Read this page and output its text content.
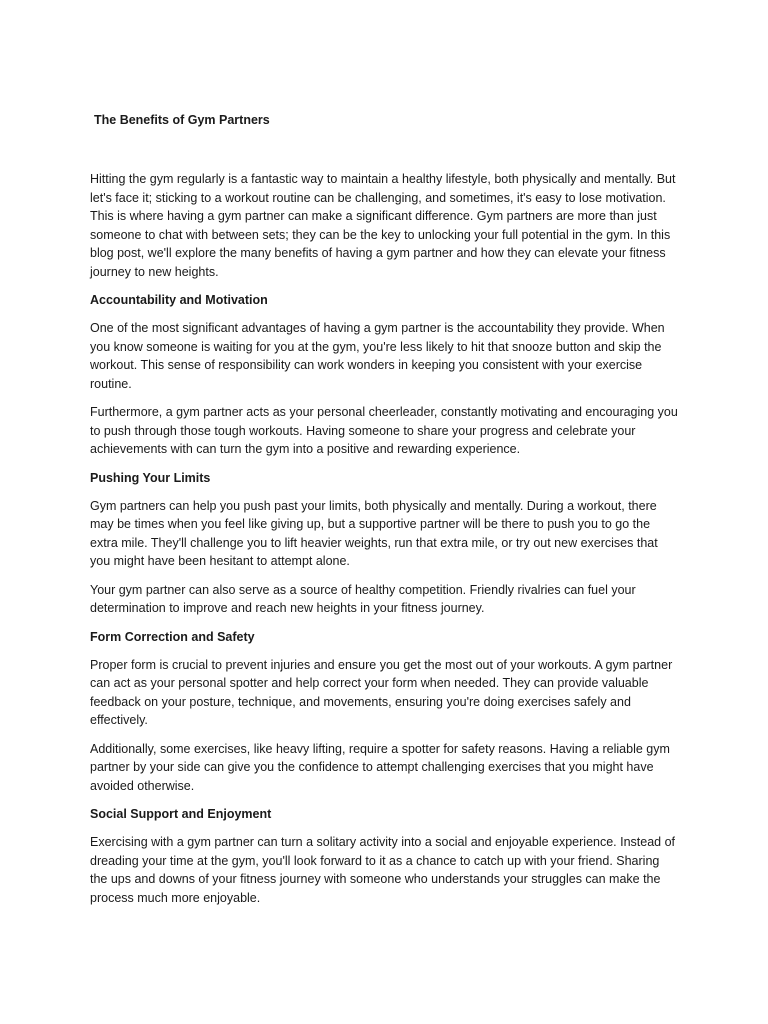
The Benefits of Gym Partners

Hitting the gym regularly is a fantastic way to maintain a healthy lifestyle, both physically and mentally. But let's face it; sticking to a workout routine can be challenging, and sometimes, it's easy to lose motivation. This is where having a gym partner can make a significant difference. Gym partners are more than just someone to chat with between sets; they can be the key to unlocking your full potential in the gym. In this blog post, we'll explore the many benefits of having a gym partner and how they can elevate your fitness journey to new heights.

Accountability and Motivation

One of the most significant advantages of having a gym partner is the accountability they provide. When you know someone is waiting for you at the gym, you're less likely to hit that snooze button and skip the workout. This sense of responsibility can work wonders in keeping you consistent with your exercise routine.

Furthermore, a gym partner acts as your personal cheerleader, constantly motivating and encouraging you to push through those tough workouts. Having someone to share your progress and celebrate your achievements with can turn the gym into a positive and rewarding experience.

Pushing Your Limits

Gym partners can help you push past your limits, both physically and mentally. During a workout, there may be times when you feel like giving up, but a supportive partner will be there to push you to go the extra mile. They'll challenge you to lift heavier weights, run that extra mile, or try out new exercises that you might have been hesitant to attempt alone.

Your gym partner can also serve as a source of healthy competition. Friendly rivalries can fuel your determination to improve and reach new heights in your fitness journey.

Form Correction and Safety

Proper form is crucial to prevent injuries and ensure you get the most out of your workouts. A gym partner can act as your personal spotter and help correct your form when needed. They can provide valuable feedback on your posture, technique, and movements, ensuring you're doing exercises safely and effectively.

Additionally, some exercises, like heavy lifting, require a spotter for safety reasons. Having a reliable gym partner by your side can give you the confidence to attempt challenging exercises that you might have avoided otherwise.

Social Support and Enjoyment

Exercising with a gym partner can turn a solitary activity into a social and enjoyable experience. Instead of dreading your time at the gym, you'll look forward to it as a chance to catch up with your friend. Sharing the ups and downs of your fitness journey with someone who understands your struggles can make the process much more enjoyable.
